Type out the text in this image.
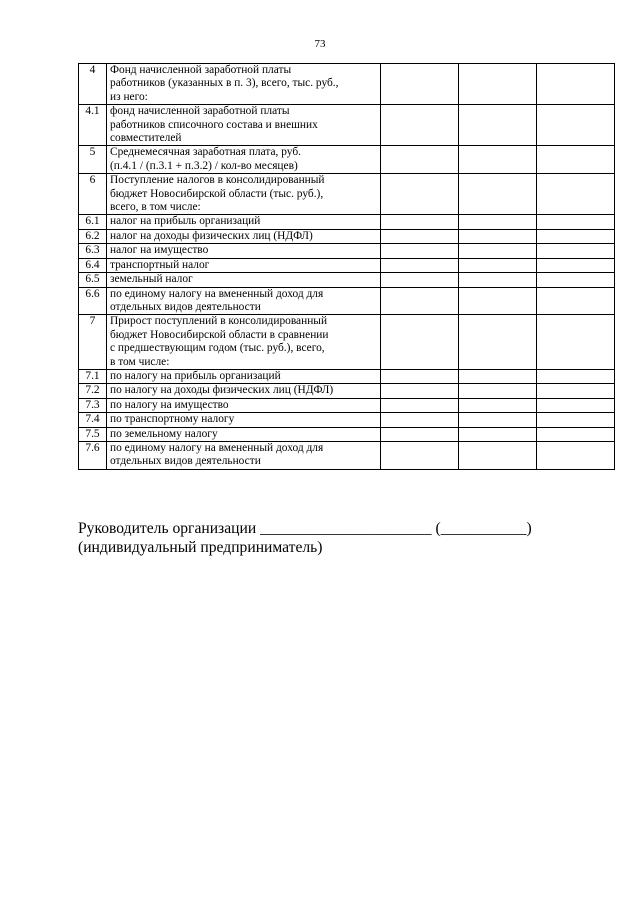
73
4	Фонд начисленной заработной платы
работников (указанных в п. 3), всего, тыс. руб.,
из него:			
4.1	фонд начисленной заработной платы
работников списочного состава и внешних
совместителей			
5	Среднемесячная заработная плата, руб.
(п.4.1 / (п.3.1 + п.3.2) / кол-во месяцев)			
6	Поступление налогов в консолидированный
бюджет Новосибирской области (тыс. руб.),
всего, в том числе:			
6.1	налог на прибыль организаций			
6.2	налог на доходы физических лиц (НДФЛ)			
6.3	налог на имущество			
6.4	транспортный налог			
6.5	земельный налог			
6.6	по единому налогу на вмененный доход для
отдельных видов деятельности			
7	Прирост поступлений в консолидированный
бюджет Новосибирской области в сравнении
с предшествующим годом (тыс. руб.), всего,
в том числе:			
7.1	по налогу на прибыль организаций			
7.2	по налогу на доходы физических лиц (НДФЛ)			
7.3	по налогу на имущество			
7.4	по транспортному налогу			
7.5	по земельному налогу			
7.6	по единому налогу на вмененный доход для
отдельных видов деятельности			
Руководитель организации ______________________ (___________)
(индивидуальный предприниматель)
